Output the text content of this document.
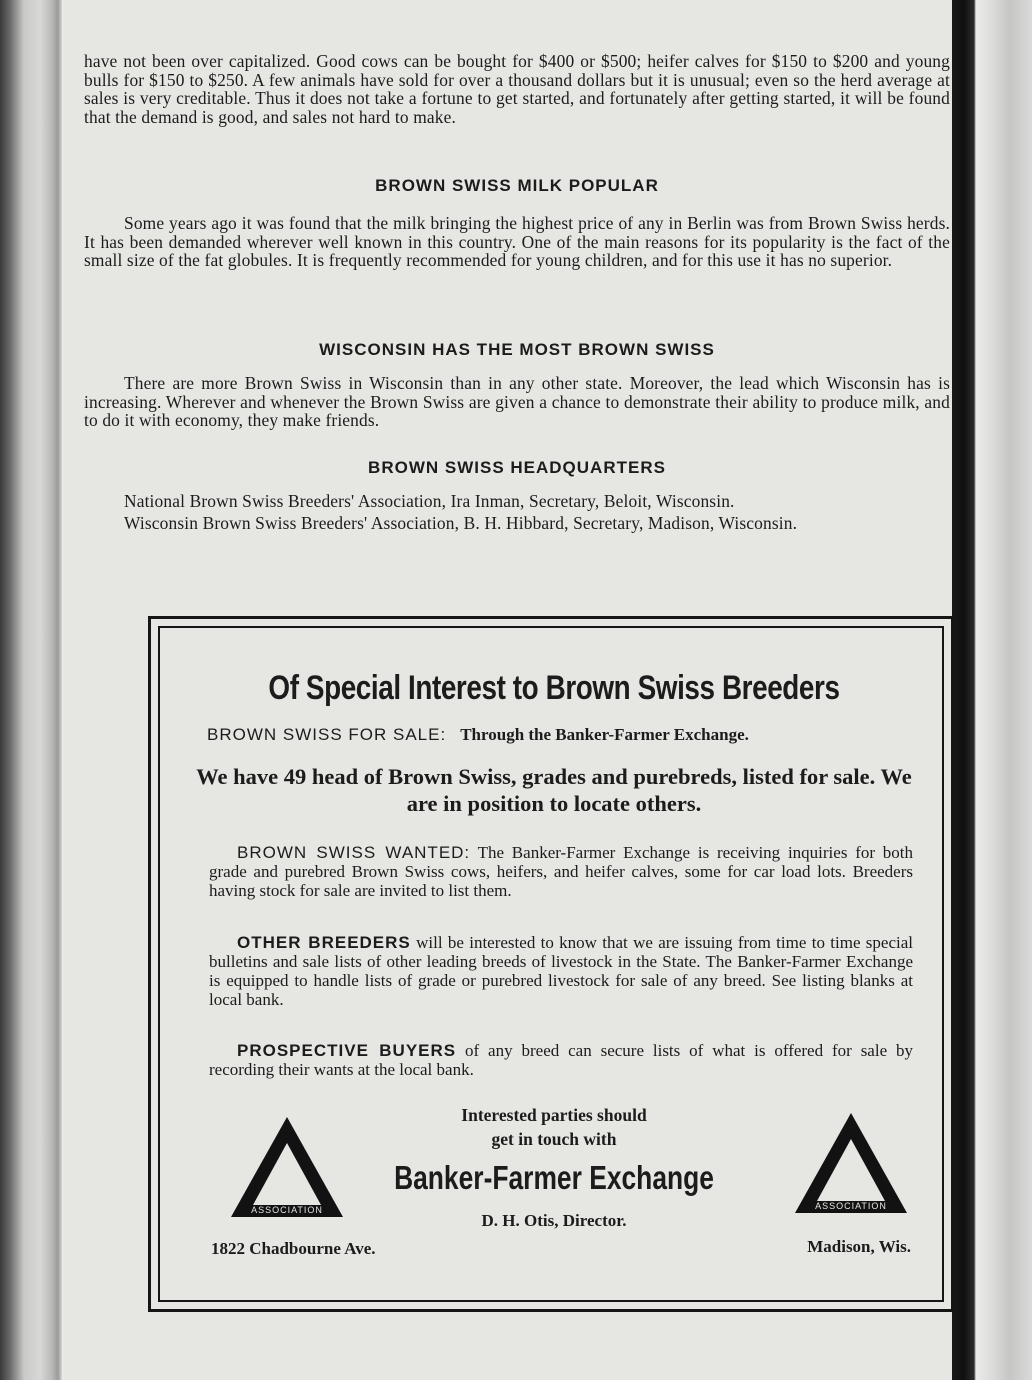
have not been over capitalized. Good cows can be bought for $400 or $500; heifer calves for $150 to $200 and young bulls for $150 to $250. A few animals have sold for over a thousand dollars but it is unusual; even so the herd average at sales is very creditable. Thus it does not take a fortune to get started, and fortunately after getting started, it will be found that the demand is good, and sales not hard to make.

BROWN SWISS MILK POPULAR

Some years ago it was found that the milk bringing the highest price of any in Berlin was from Brown Swiss herds. It has been demanded wherever well known in this country. One of the main reasons for its popularity is the fact of the small size of the fat globules. It is frequently recommended for young children, and for this use it has no superior.

WISCONSIN HAS THE MOST BROWN SWISS

There are more Brown Swiss in Wisconsin than in any other state. Moreover, the lead which Wisconsin has is increasing. Wherever and whenever the Brown Swiss are given a chance to demonstrate their ability to produce milk, and to do it with economy, they make friends.

BROWN SWISS HEADQUARTERS

National Brown Swiss Breeders' Association, Ira Inman, Secretary, Beloit, Wisconsin.

Wisconsin Brown Swiss Breeders' Association, B. H. Hibbard, Secretary, Madison, Wisconsin.

Of Special Interest to Brown Swiss Breeders
BROWN SWISS FOR SALE: Through the Banker-Farmer Exchange.
We have 49 head of Brown Swiss, grades and purebreds, listed for sale. We are in position to locate others.
BROWN SWISS WANTED: The Banker-Farmer Exchange is receiving inquiries for both grade and purebred Brown Swiss cows, heifers, and heifer calves, some for car load lots. Breeders having stock for sale are invited to list them.
OTHER BREEDERS will be interested to know that we are issuing from time to time special bulletins and sale lists of other leading breeds of livestock in the State. The Banker-Farmer Exchange is equipped to handle lists of grade or purebred livestock for sale of any breed. See listing blanks at local bank.
PROSPECTIVE BUYERS of any breed can secure lists of what is offered for sale by recording their wants at the local bank.
Interested parties should
get in touch with
Banker-Farmer Exchange
D. H. Otis, Director.
1822 Chadbourne Ave.	Madison, Wis.
ASSOCIATION	ASSOCIATION
